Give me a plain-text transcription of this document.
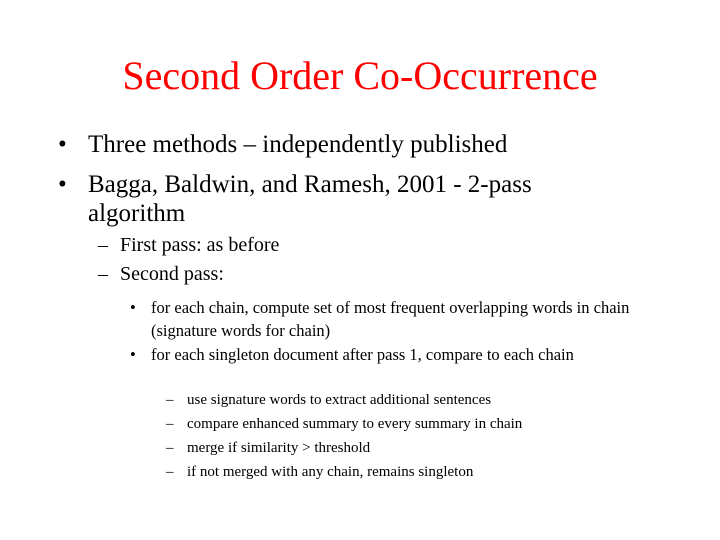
Second Order Co-Occurrence
• Three methods – independently published
• Bagga, Baldwin, and Ramesh, 2001 - 2-pass algorithm
– First pass: as before
– Second pass:
• for each chain, compute set of most frequent overlapping words in chain (signature words for chain)
• for each singleton document after pass 1, compare to each chain
– use signature words to extract additional sentences
– compare enhanced summary to every summary in chain
– merge if similarity > threshold
– if not merged with any chain, remains singleton
